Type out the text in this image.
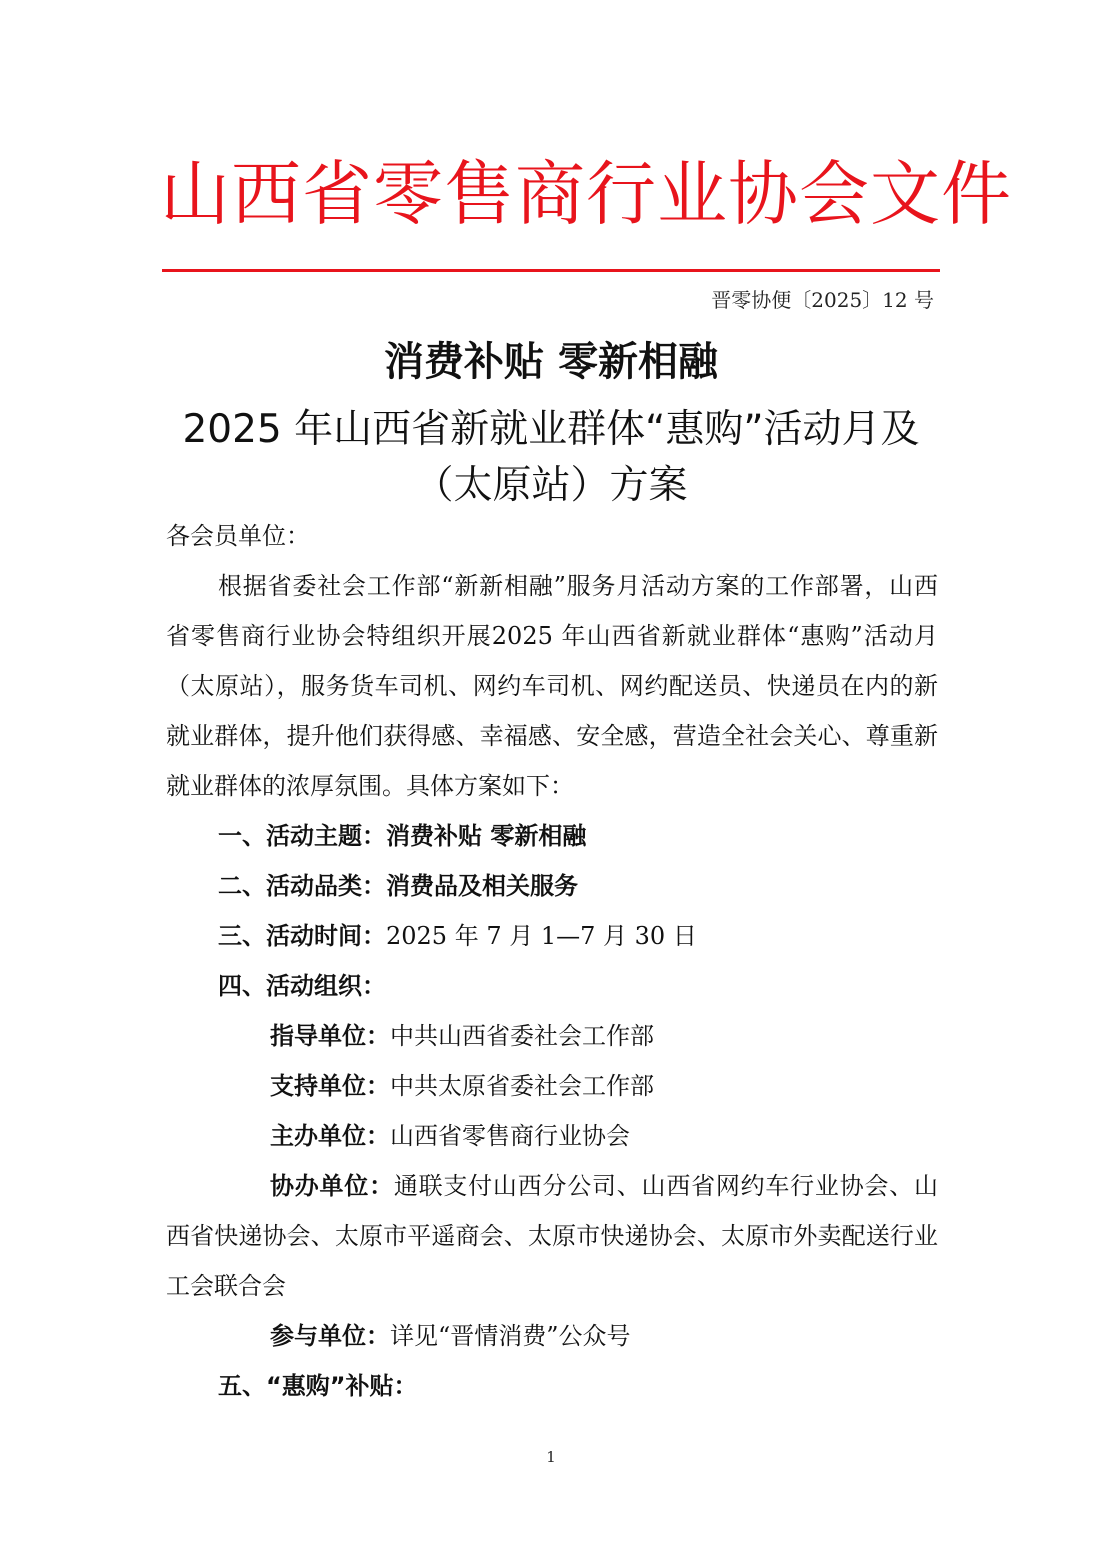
山西省零售商行业协会文件
晋零协便〔2025〕12 号
消费补贴 零新相融
2025 年山西省新就业群体“惠购”活动月及（太原站）方案
各会员单位：
根据省委社会工作部“新新相融”服务月活动方案的工作部署，山西省零售商行业协会特组织开展2025 年山西省新就业群体“惠购”活动月（太原站），服务货车司机、网约车司机、网约配送员、快递员在内的新就业群体，提升他们获得感、幸福感、安全感，营造全社会关心、尊重新就业群体的浓厚氛围。具体方案如下：
一、活动主题：消费补贴 零新相融
二、活动品类：消费品及相关服务
三、活动时间：2025 年 7 月 1—7 月 30 日
四、活动组织：
指导单位：中共山西省委社会工作部
支持单位：中共太原省委社会工作部
主办单位：山西省零售商行业协会
协办单位：通联支付山西分公司、山西省网约车行业协会、山西省快递协会、太原市平遥商会、太原市快递协会、太原市外卖配送行业工会联合会
参与单位：详见“晋情消费”公众号
五、“惠购”补贴：
1
